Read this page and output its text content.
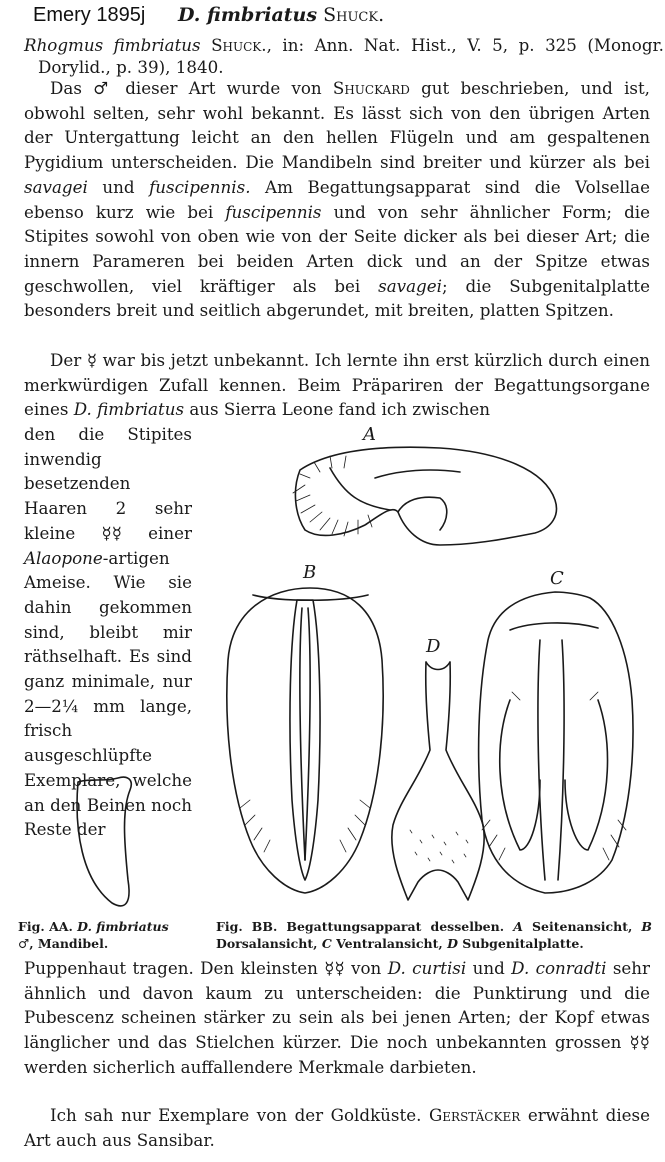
Emery 1895j D. fimbriatus Shuck.
Rhogmus fimbriatus Shuck., in: Ann. Nat. Hist., V. 5, p. 325 (Monogr. Dorylid., p. 39), 1840.
Das ♂ dieser Art wurde von Shuckard gut beschrieben, und ist, obwohl selten, sehr wohl bekannt. Es lässt sich von den übrigen Arten der Untergattung leicht an den hellen Flügeln und am gespaltenen Pygidium unterscheiden. Die Mandibeln sind breiter und kürzer als bei savagei und fuscipennis. Am Begattungsapparat sind die Volsellae ebenso kurz wie bei fuscipennis und von sehr ähnlicher Form; die Stipites sowohl von oben wie von der Seite dicker als bei dieser Art; die innern Parameren bei beiden Arten dick und an der Spitze etwas geschwollen, viel kräftiger als bei savagei; die Subgenitalplatte besonders breit und seitlich abgerundet, mit breiten, platten Spitzen.
Der ☿ war bis jetzt unbekannt. Ich lernte ihn erst kürzlich durch einen merkwürdigen Zufall kennen. Beim Präpariren der Begattungsorgane eines D. fimbriatus aus Sierra Leone fand ich zwischen
den die Stipites inwendig besetzenden Haaren 2 sehr kleine ☿☿ einer Alaopone-artigen Ameise. Wie sie dahin gekommen sind, bleibt mir räthselhaft. Es sind ganz minimale, nur 2—2¼ mm lange, frisch ausgeschlüpfte Exemplare, welche an den Beinen noch Reste der
A
B	C
D
Fig. AA. D. fimbriatus
♂, Mandibel.
Fig. BB. Begattungsapparat desselben. A Seitenansicht, B Dorsalansicht, C Ventralansicht, D Subgenitalplatte.
Puppenhaut tragen. Den kleinsten ☿☿ von D. curtisi und D. conradti sehr ähnlich und davon kaum zu unterscheiden: die Punktirung und die Pubescenz scheinen stärker zu sein als bei jenen Arten; der Kopf etwas länglicher und das Stielchen kürzer. Die noch unbekannten grossen ☿☿ werden sicherlich auffallendere Merkmale darbieten.
Ich sah nur Exemplare von der Goldküste. Gerstäcker erwähnt diese Art auch aus Sansibar.
